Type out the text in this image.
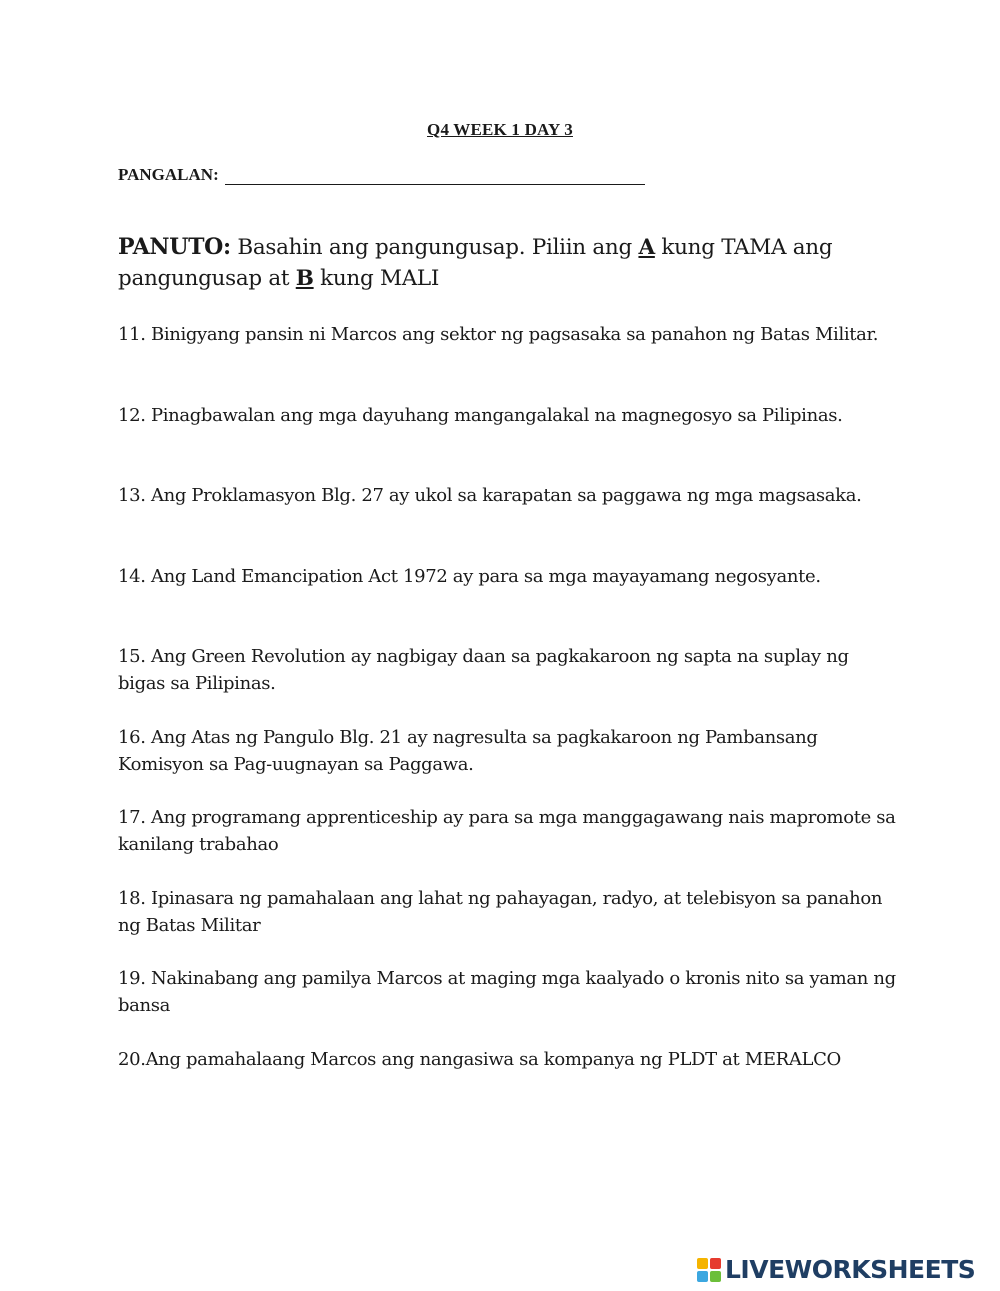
Q4 WEEK 1 DAY 3
PANGALAN:
PANUTO: Basahin ang pangungusap. Piliin ang A kung TAMA ang pangungusap at B kung MALI
11. Binigyang pansin ni Marcos ang sektor ng pagsasaka sa panahon ng Batas Militar.
12. Pinagbawalan ang mga dayuhang mangangalakal na magnegosyo sa Pilipinas.
13. Ang Proklamasyon Blg. 27 ay ukol sa karapatan sa paggawa ng mga magsasaka.
14. Ang Land Emancipation Act 1972 ay para sa mga mayayamang negosyante.
15. Ang Green Revolution ay nagbigay daan sa pagkakaroon ng sapta na suplay ng bigas sa Pilipinas.
16. Ang Atas ng Pangulo Blg. 21 ay nagresulta sa pagkakaroon ng Pambansang Komisyon sa Pag-uugnayan sa Paggawa.
17. Ang programang apprenticeship ay para sa mga manggagawang nais mapromote sa kanilang trabahao
18. Ipinasara ng pamahalaan ang lahat ng pahayagan, radyo, at telebisyon sa panahon ng Batas Militar
19. Nakinabang ang pamilya Marcos at maging mga kaalyado o kronis nito sa yaman ng bansa
20.Ang pamahalaang Marcos ang nangasiwa sa kompanya ng PLDT at MERALCO
LIVEWORKSHEETS
